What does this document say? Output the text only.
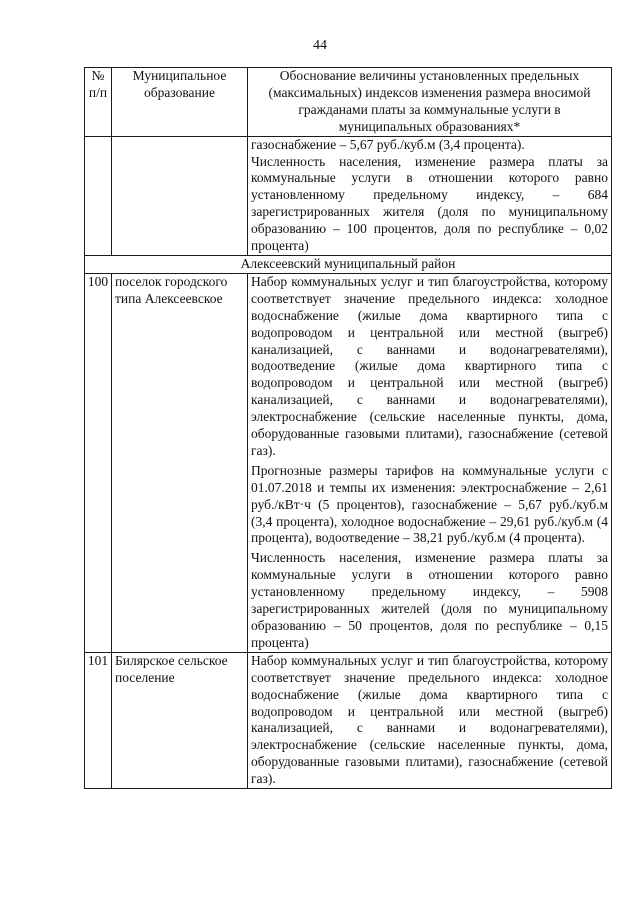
44
№ п/п	Муниципальное образование	Обоснование величины установленных предельных (максимальных) индексов изменения размера вносимой гражданами платы за коммунальные услуги в муниципальных образованиях*

		газоснабжение – 5,67 руб./куб.м (3,4 процента).

Численность населения, изменение размера платы за коммунальные услуги в отношении которого равно установленному предельному индексу, – 684 зарегистрированных жителя (доля по муниципальному образованию – 100 процентов, доля по республике – 0,02 процента)

Алексеевский муниципальный район		
100	поселок городского типа Алексеевское	Набор коммунальных услуг и тип благоустройства, которому соответствует значение предельного индекса: холодное водоснабжение (жилые дома квартирного типа с водопроводом и центральной или местной (выгреб) канализацией, с ваннами и водонагревателями), водоотведение (жилые дома квартирного типа с водопроводом и центральной или местной (выгреб) канализацией, с ваннами и водонагревателями), электроснабжение (сельские населенные пункты, дома, оборудованные газовыми плитами), газоснабжение (сетевой газ).

Прогнозные размеры тарифов на коммунальные услуги с 01.07.2018 и темпы их изменения: электроснабжение – 2,61 руб./кВт·ч (5 процентов), газоснабжение – 5,67 руб./куб.м (3,4 процента), холодное водоснабжение – 29,61 руб./куб.м (4 процента), водоотведение – 38,21 руб./куб.м (4 процента).

Численность населения, изменение размера платы за коммунальные услуги в отношении которого равно установленному предельному индексу, – 5908 зарегистрированных жителей (доля по муниципальному образованию – 50 процентов, доля по республике – 0,15 процента)

101	Билярское сельское поселение	Набор коммунальных услуг и тип благоустройства, которому соответствует значение предельного индекса: холодное водоснабжение (жилые дома квартирного типа с водопроводом и центральной или местной (выгреб) канализацией, с ваннами и водонагревателями), электроснабжение (сельские населенные пункты, дома, оборудованные газовыми плитами), газоснабжение (сетевой газ).
